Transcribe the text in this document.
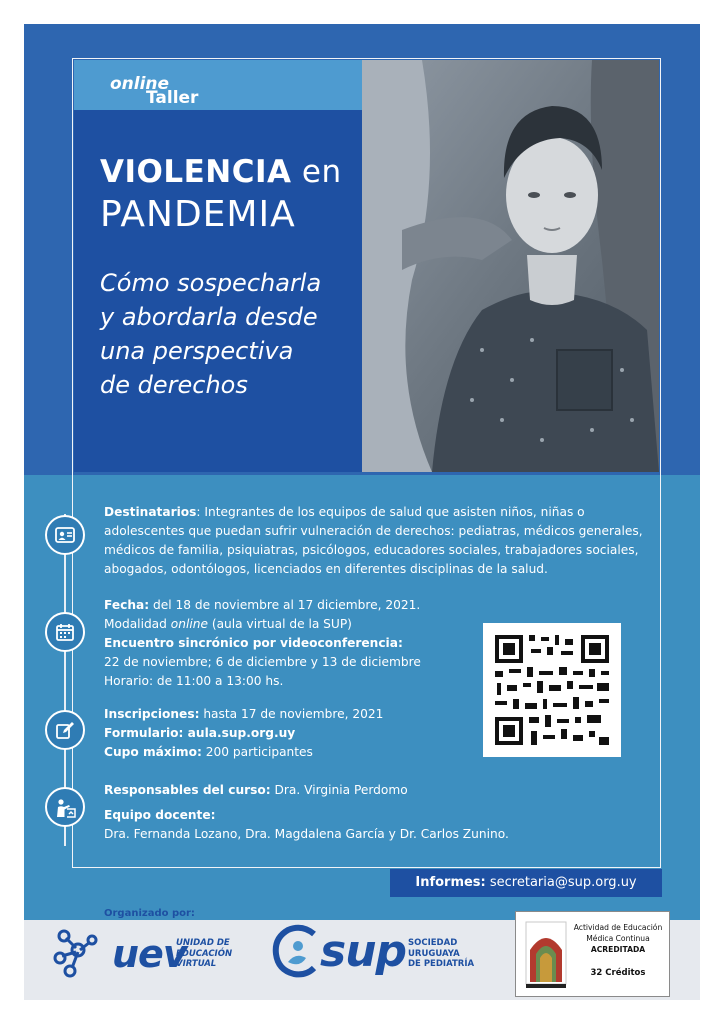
Taller
online
VIOLENCIA en
PANDEMIA
Cómo sospecharla
y abordarla desde
una perspectiva
de derechos

Destinatarios: Integrantes de los equipos de salud que asisten niños, niñas o

adolescentes que puedan sufrir vulneración de derechos: pediatras, médicos generales,

médicos de familia, psiquiatras, psicólogos, educadores sociales, trabajadores sociales,

abogados, odontólogos, licenciados en diferentes disciplinas de la salud.

Fecha: del 18 de noviembre al 17 diciembre, 2021.

Modalidad online (aula virtual de la SUP)

Encuentro sincrónico por videoconferencia:

22 de noviembre; 6 de diciembre y 13 de diciembre

Horario: de 11:00 a 13:00 hs.

Inscripciones: hasta 17 de noviembre, 2021

Formulario: aula.sup.org.uy

Cupo máximo: 200 participantes

Responsables del curso: Dra. Virginia Perdomo

Equipo docente:

Dra. Fernanda Lozano, Dra. Magdalena García y Dr. Carlos Zunino.

Informes: secretaria@sup.org.uy
Organizado por:
uev
UNIDAD DE
EDUCACIÓN
VIRTUAL	sup SOCIEDAD
URUGUAYA
DE PEDIATRÍA
Actividad de Educación
Médica Continua
ACREDITADA
32 Créditos
